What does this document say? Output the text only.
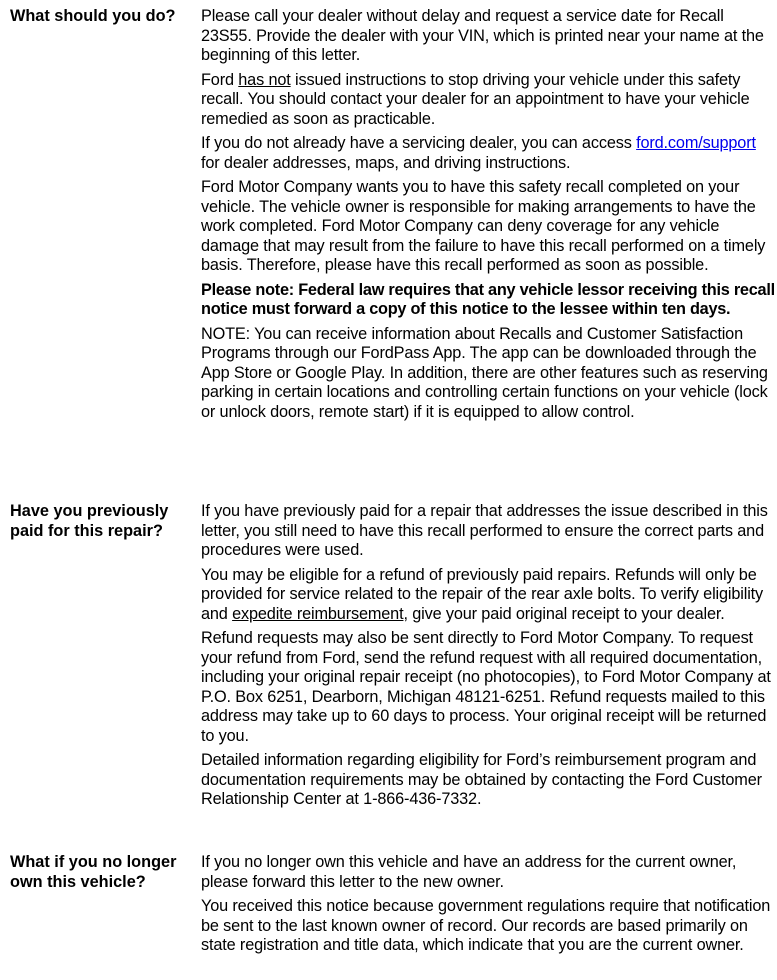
What should you do?	Please call your dealer without delay and request a service date for Recall 23S55. Provide the dealer with your VIN, which is printed near your name at the beginning of this letter.

Ford has not issued instructions to stop driving your vehicle under this safety recall. You should contact your dealer for an appointment to have your vehicle remedied as soon as practicable.

If you do not already have a servicing dealer, you can access ford.com/support for dealer addresses, maps, and driving instructions.

Ford Motor Company wants you to have this safety recall completed on your vehicle. The vehicle owner is responsible for making arrangements to have the work completed. Ford Motor Company can deny coverage for any vehicle damage that may result from the failure to have this recall performed on a timely basis. Therefore, please have this recall performed as soon as possible.

Please note: Federal law requires that any vehicle lessor receiving this recall notice must forward a copy of this notice to the lessee within ten days.

NOTE: You can receive information about Recalls and Customer Satisfaction Programs through our FordPass App. The app can be downloaded through the App Store or Google Play. In addition, there are other features such as reserving parking in certain locations and controlling certain functions on your vehicle (lock or unlock doors, remote start) if it is equipped to allow control.

Have you previously
paid for this repair?

If you have previously paid for a repair that addresses the issue described in this letter, you still need to have this recall performed to ensure the correct parts and procedures were used.

You may be eligible for a refund of previously paid repairs. Refunds will only be provided for service related to the repair of the rear axle bolts. To verify eligibility and expedite reimbursement, give your paid original receipt to your dealer.

Refund requests may also be sent directly to Ford Motor Company. To request your refund from Ford, send the refund request with all required documentation, including your original repair receipt (no photocopies), to Ford Motor Company at P.O. Box 6251, Dearborn, Michigan 48121-6251. Refund requests mailed to this address may take up to 60 days to process. Your original receipt will be returned to you.

Detailed information regarding eligibility for Ford’s reimbursement program and documentation requirements may be obtained by contacting the Ford Customer Relationship Center at 1-866-436-7332.

What if you no longer
own this vehicle?

If you no longer own this vehicle and have an address for the current owner, please forward this letter to the new owner.

You received this notice because government regulations require that notification be sent to the last known owner of record. Our records are based primarily on state registration and title data, which indicate that you are the current owner.
